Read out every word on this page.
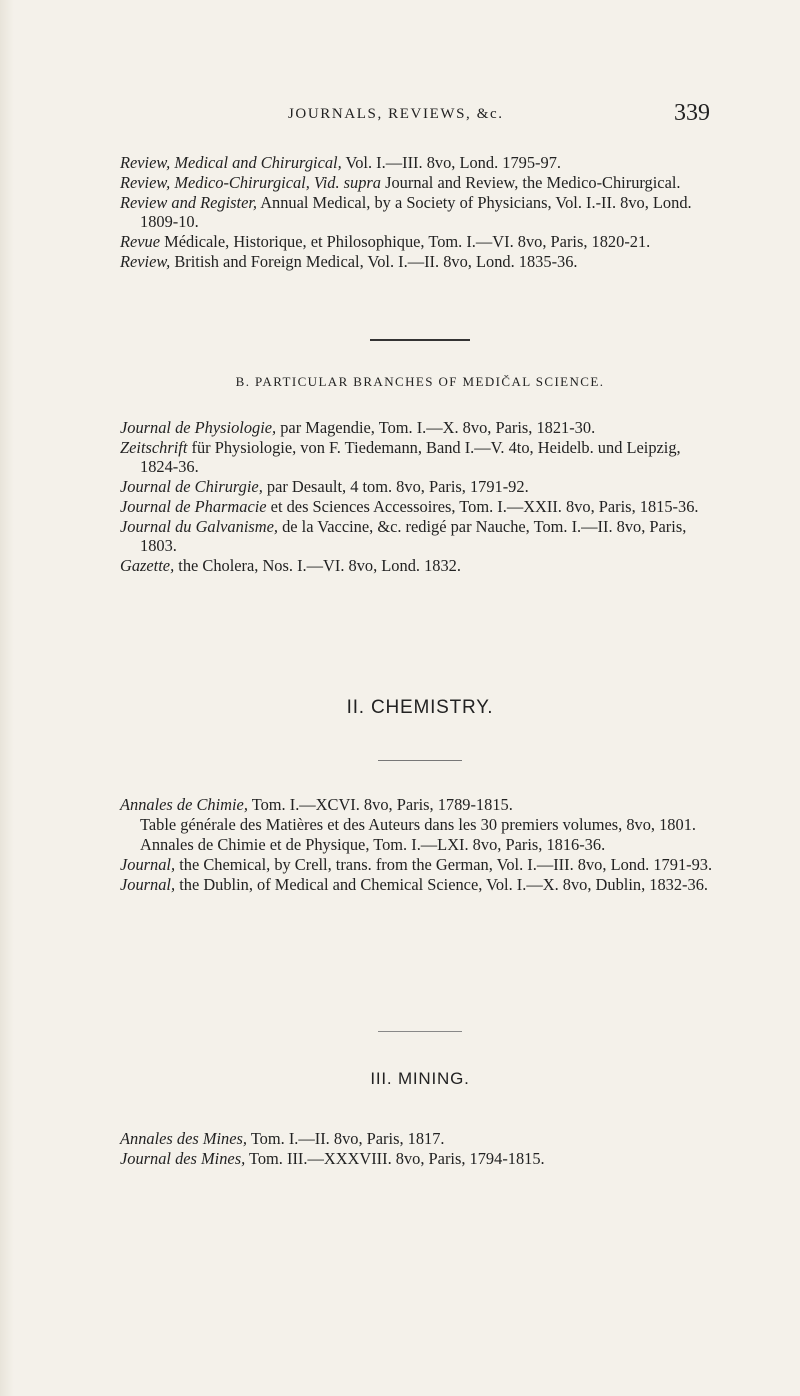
JOURNALS, REVIEWS, &c.	339

Review, Medical and Chirurgical, Vol. I.—III. 8vo, Lond. 1795-97.

Review, Medico-Chirurgical, Vid. supra Journal and Review, the Medico-Chirurgical.

Review and Register, Annual Medical, by a Society of Physicians, Vol. I.-II. 8vo, Lond. 1809-10.

Revue Médicale, Historique, et Philosophique, Tom. I.—VI. 8vo, Paris, 1820-21.

Review, British and Foreign Medical, Vol. I.—II. 8vo, Lond. 1835-36.

B. PARTICULAR BRANCHES OF MEDIČAL SCIENCE.

Journal de Physiologie, par Magendie, Tom. I.—X. 8vo, Paris, 1821-30.

Zeitschrift für Physiologie, von F. Tiedemann, Band I.—V. 4to, Heidelb. und Leipzig, 1824-36.

Journal de Chirurgie, par Desault, 4 tom. 8vo, Paris, 1791-92.

Journal de Pharmacie et des Sciences Accessoires, Tom. I.—XXII. 8vo, Paris, 1815-36.

Journal du Galvanisme, de la Vaccine, &c. redigé par Nauche, Tom. I.—II. 8vo, Paris, 1803.

Gazette, the Cholera, Nos. I.—VI. 8vo, Lond. 1832.

II. CHEMISTRY.

Annales de Chimie, Tom. I.—XCVI. 8vo, Paris, 1789-1815.

Table générale des Matières et des Auteurs dans les 30 premiers volumes, 8vo, 1801.

Annales de Chimie et de Physique, Tom. I.—LXI. 8vo, Paris, 1816-36.

Journal, the Chemical, by Crell, trans. from the German, Vol. I.—III. 8vo, Lond. 1791-93.

Journal, the Dublin, of Medical and Chemical Science, Vol. I.—X. 8vo, Dublin, 1832-36.

III. MINING.

Annales des Mines, Tom. I.—II. 8vo, Paris, 1817.

Journal des Mines, Tom. III.—XXXVIII. 8vo, Paris, 1794-1815.
